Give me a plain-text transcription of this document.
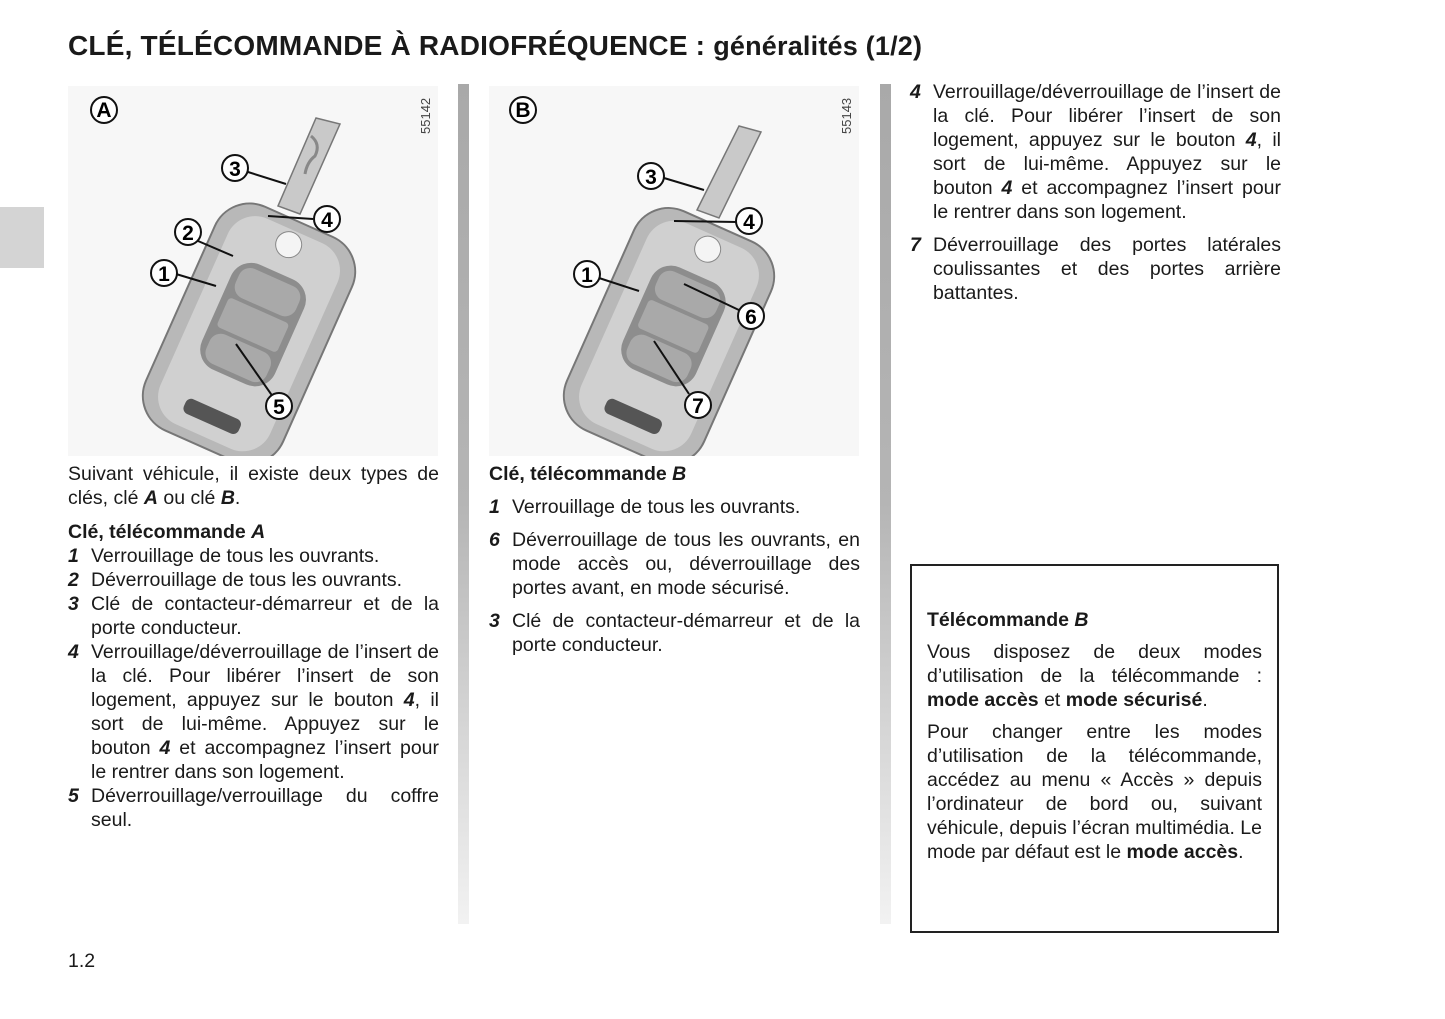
CLÉ, TÉLÉCOMMANDE À RADIOFRÉQUENCE : généralités (1/2)
A	55142
1
2
3
4
5
B	55143
1
3
4
6
7

Suivant véhicule, il existe deux types de clés, clé A ou clé B.

Clé, télécommande A

1 Verrouillage de tous les ouvrants.
2 Déverrouillage de tous les ouvrants.
3 Clé de contacteur-démarreur et de la porte conducteur.
4 Verrouillage/déverrouillage de l’insert de la clé. Pour libérer l’insert de son logement, appuyez sur le bouton 4, il sort de lui-même. Appuyez sur le bouton 4 et accompagnez l’insert pour le rentrer dans son logement.
5 Déverrouillage/verrouillage du coffre seul.

Clé, télécommande B

1 Verrouillage de tous les ouvrants.
6 Déverrouillage de tous les ouvrants, en mode accès ou, déverrouillage des portes avant, en mode sécurisé.
3 Clé de contacteur-démarreur et de la porte conducteur.
4 Verrouillage/déverrouillage de l’insert de la clé. Pour libérer l’insert de son logement, appuyez sur le bouton 4, il sort de lui-même. Appuyez sur le bouton 4 et accompagnez l’insert pour le rentrer dans son logement.
7 Déverrouillage des portes latérales coulissantes et des portes arrière battantes.

Télécommande B

Vous disposez de deux modes d’utilisation de la télécommande : mode accès et mode sécurisé.

Pour changer entre les modes d’utilisation de la télécommande, accédez au menu « Accès » depuis l’ordinateur de bord ou, suivant véhicule, depuis l’écran multimédia. Le mode par défaut est le mode accès.

1.2
